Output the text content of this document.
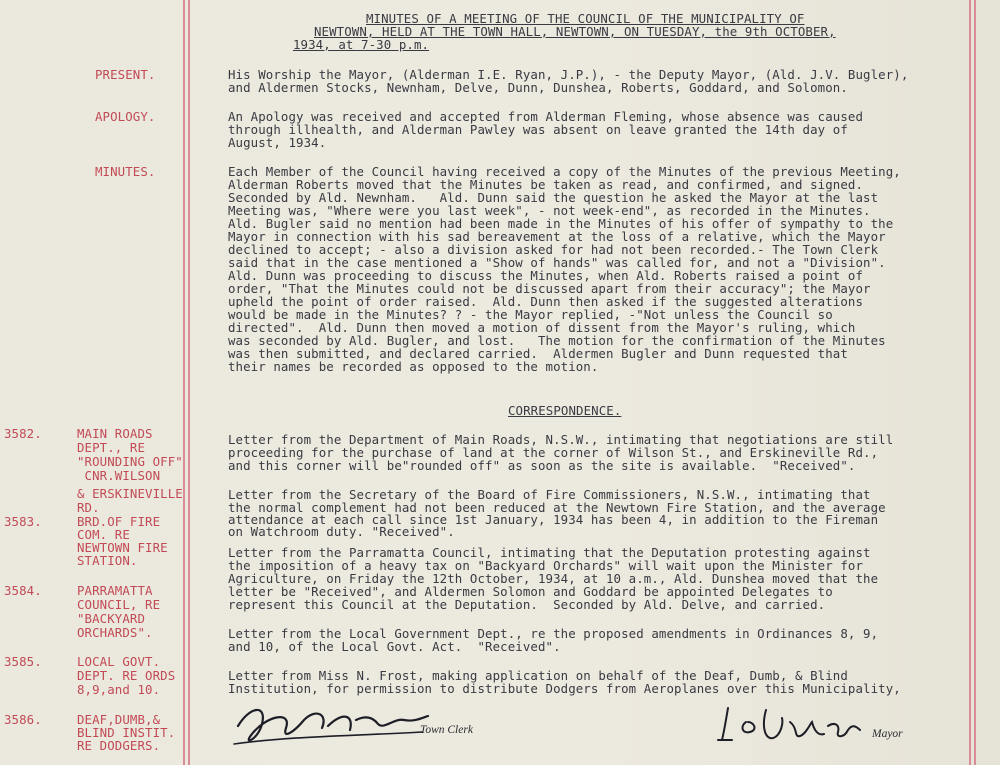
MINUTES OF A MEETING OF THE COUNCIL OF THE MUNICIPALITY OF
NEWTOWN, HELD AT THE TOWN HALL, NEWTOWN, ON TUESDAY, the 9th OCTOBER,
1934, at 7-30 p.m.
PRESENT.	His Worship the Mayor, (Alderman I.E. Ryan, J.P.), - the Deputy Mayor, (Ald. J.V. Bugler),
and Aldermen Stocks, Newnham, Delve, Dunn, Dunshea, Roberts, Goddard, and Solomon.
APOLOGY.	An Apology was received and accepted from Alderman Fleming, whose absence was caused
through illhealth, and Alderman Pawley was absent on leave granted the 14th day of
August, 1934.
MINUTES.	Each Member of the Council having received a copy of the Minutes of the previous Meeting,
Alderman Roberts moved that the Minutes be taken as read, and confirmed, and signed.
Seconded by Ald. Newnham.   Ald. Dunn said the question he asked the Mayor at the last
Meeting was, "Where were you last week", - not week-end", as recorded in the Minutes.
Ald. Bugler said no mention had been made in the Minutes of his offer of sympathy to the
Mayor in connection with his sad bereavement at the loss of a relative, which the Mayor
declined to accept; - also a division asked for had not been recorded.- The Town Clerk
said that in the case mentioned a "Show of hands" was called for, and not a "Division".
Ald. Dunn was proceeding to discuss the Minutes, when Ald. Roberts raised a point of
order, "That the Minutes could not be discussed apart from their accuracy"; the Mayor
upheld the point of order raised.  Ald. Dunn then asked if the suggested alterations
would be made in the Minutes? ? - the Mayor replied, -"Not unless the Council so
directed".  Ald. Dunn then moved a motion of dissent from the Mayor's ruling, which
was seconded by Ald. Bugler, and lost.   The motion for the confirmation of the Minutes
was then submitted, and declared carried.  Aldermen Bugler and Dunn requested that
their names be recorded as opposed to the motion.
CORRESPONDENCE.
3582.	MAIN ROADS
DEPT., RE
"ROUNDING OFF"
CNR.WILSON
& ERSKINEVILLE
RD.
Letter from the Department of Main Roads, N.S.W., intimating that negotiations are still
proceeding for the purchase of land at the corner of Wilson St., and Erskineville Rd.,
and this corner will be"rounded off" as soon as the site is available.  "Received".
3583.	BRD.OF FIRE
COM. RE
NEWTOWN FIRE
STATION.
Letter from the Secretary of the Board of Fire Commissioners, N.S.W., intimating that
the normal complement had not been reduced at the Newtown Fire Station, and the average
attendance at each call since 1st January, 1934 has been 4, in addition to the Fireman
on Watchroom duty. "Received".
3584.	PARRAMATTA
COUNCIL, RE
"BACKYARD
ORCHARDS".
Letter from the Parramatta Council, intimating that the Deputation protesting against
the imposition of a heavy tax on "Backyard Orchards" will wait upon the Minister for
Agriculture, on Friday the 12th October, 1934, at 10 a.m., Ald. Dunshea moved that the
letter be "Received", and Aldermen Solomon and Goddard be appointed Delegates to
represent this Council at the Deputation.  Seconded by Ald. Delve, and carried.
3585.	LOCAL GOVT.
DEPT. RE ORDS
8,9,and 10.
Letter from the Local Government Dept., re the proposed amendments in Ordinances 8, 9,
and 10, of the Local Govt. Act.  "Received".
3586.	DEAF,DUMB,&
BLIND INSTIT.
RE DODGERS.
Letter from Miss N. Frost, making application on behalf of the Deaf, Dumb, & Blind
Institution, for permission to distribute Dodgers from Aeroplanes over this Municipality,
Town Clerk	Mayor
